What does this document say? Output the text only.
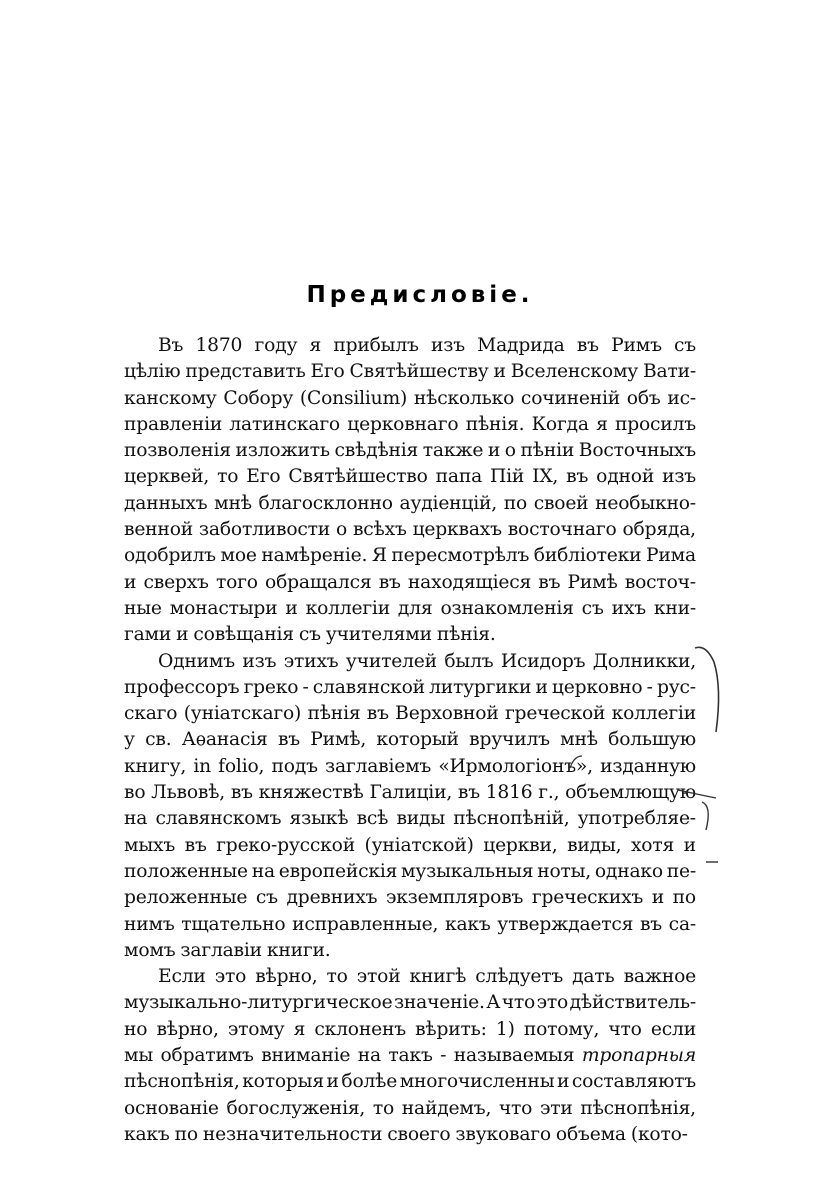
Предисловіе.
Въ 1870 году я прибылъ изъ Мадрида въ Римъ съ
цѣлію представить Его Святѣйшеству и Вселенскому Вати-
канскому Собору (Consilium) нѣсколько сочиненій объ ис-
правленіи латинскаго церковнаго пѣнія. Когда я просилъ
позволенія изложить свѣдѣнія также и о пѣніи Восточныхъ
церквей, то Его Святѣйшество папа Пій IX, въ одной изъ
данныхъ мнѣ благосклонно аудіенцій, по своей необыкно-
венной заботливости о всѣхъ церквахъ восточнаго обряда,
одобрилъ мое намѣреніе. Я пересмотрѣлъ библіотеки Рима
и сверхъ того обращался въ находящіеся въ Римѣ восточ-
ные монастыри и коллегіи для ознакомленія съ ихъ кни-
гами и совѣщанія съ учителями пѣнія.
Однимъ изъ этихъ учителей былъ Исидоръ Долникки,
профессоръ греко - славянской литургики и церковно - рус-
скаго (уніатскаго) пѣнія въ Верховной греческой коллегіи
у св. Аѳанасія въ Римѣ, который вручилъ мнѣ большую
книгу, in folio, подъ заглавіемъ «Ирмологіонъ», изданную
во Львовѣ, въ княжествѣ Галиціи, въ 1816 г., объемлющую
на славянскомъ языкѣ всѣ виды пѣснопѣній, употребляе-
мыхъ въ греко-русской (уніатской) церкви, виды, хотя и
положенные на европейскія музыкальныя ноты, однако пе-
реложенные съ древнихъ экземпляровъ греческихъ и по
нимъ тщательно исправленные, какъ утверждается въ са-
момъ заглавіи книги.
Если это вѣрно, то этой книгѣ слѣдуетъ дать важное
музыкально-литургическое значеніе. А что это дѣйствитель-
но вѣрно, этому я склоненъ вѣрить: 1) потому, что если
мы обратимъ вниманіе на такъ - называемыя тропарныя
пѣснопѣнія, которыя и болѣе многочисленны и составляютъ
основаніе богослуженія, то найдемъ, что эти пѣснопѣнія,
какъ по незначительности своего звуковаго объема (кото-
